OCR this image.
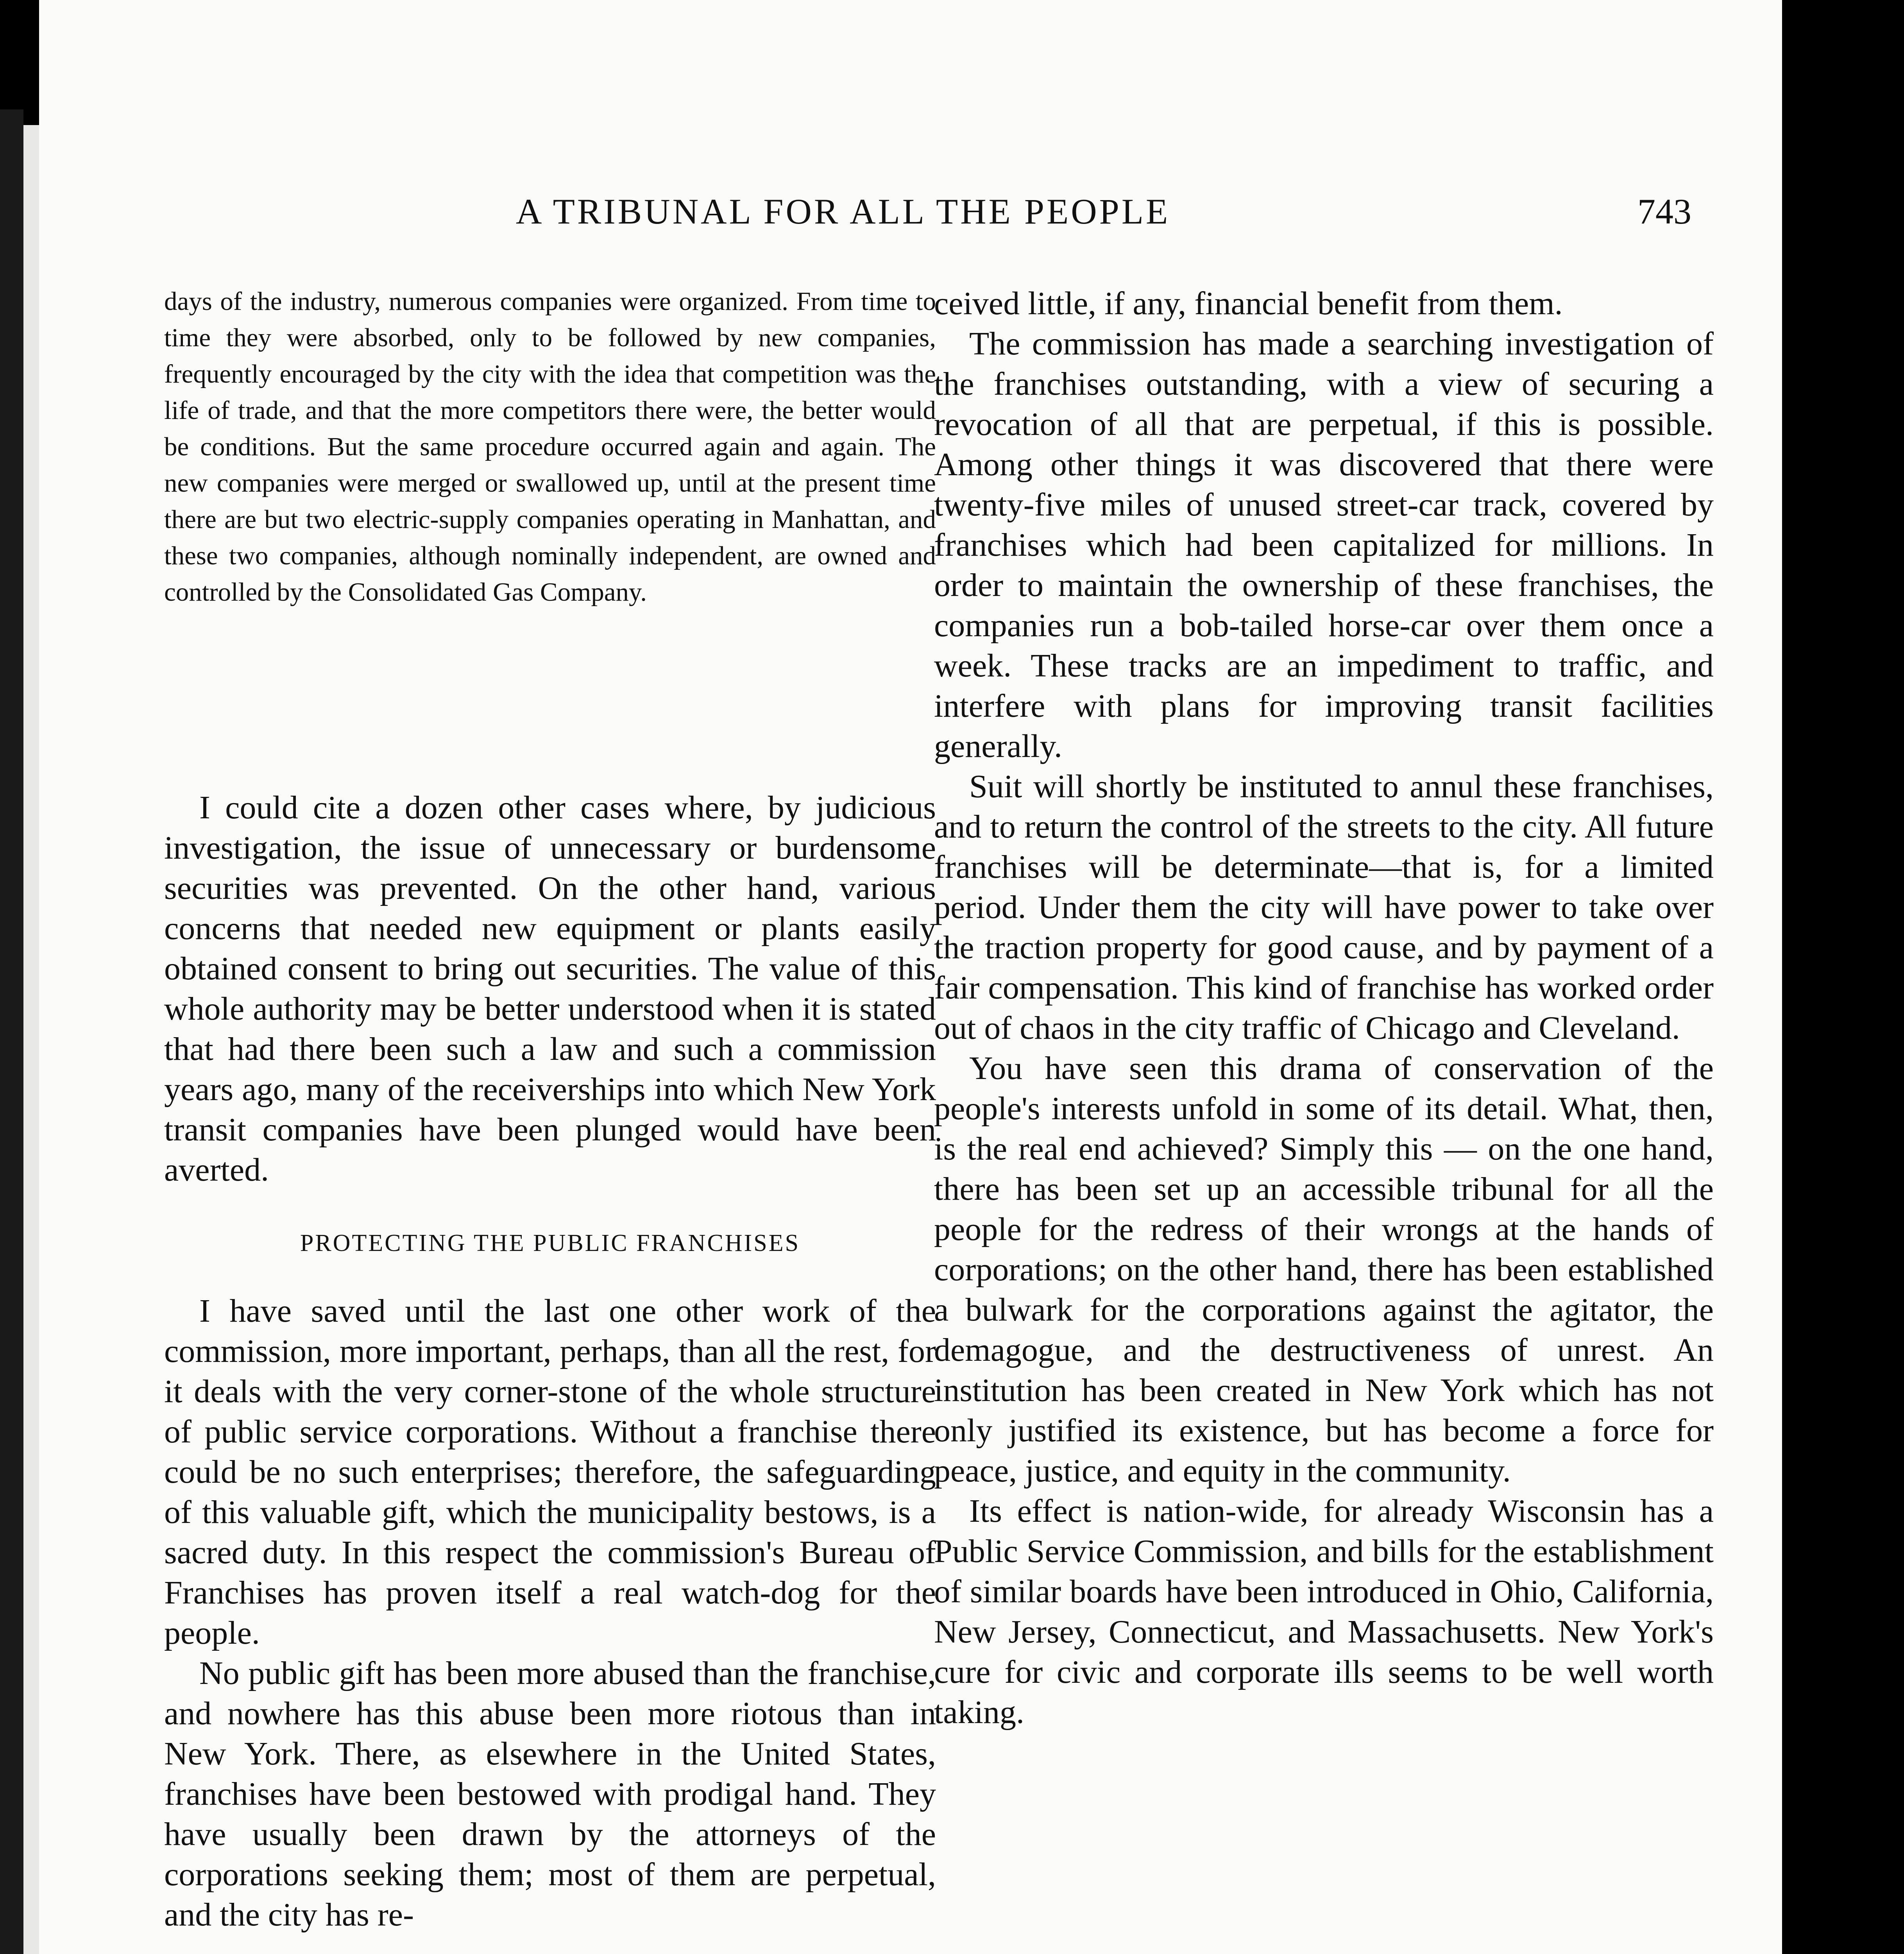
A TRIBUNAL FOR ALL THE PEOPLE	743

days of the industry, numerous companies were organized. From time to time they were absorbed, only to be followed by new companies, frequently encouraged by the city with the idea that competition was the life of trade, and that the more competitors there were, the better would be conditions. But the same procedure occurred again and again. The new companies were merged or swallowed up, until at the present time there are but two electric-supply companies operating in Manhattan, and these two companies, although nominally independent, are owned and controlled by the Consolidated Gas Company.

I could cite a dozen other cases where, by judicious investigation, the issue of unnecessary or burdensome securities was prevented. On the other hand, various concerns that needed new equipment or plants easily obtained consent to bring out securities. The value of this whole authority may be better understood when it is stated that had there been such a law and such a commission years ago, many of the receiverships into which New York transit companies have been plunged would have been averted.

PROTECTING THE PUBLIC FRANCHISES

I have saved until the last one other work of the commission, more important, perhaps, than all the rest, for it deals with the very corner-stone of the whole structure of public service corporations. Without a franchise there could be no such enterprises; therefore, the safeguarding of this valuable gift, which the municipality bestows, is a sacred duty. In this respect the commission's Bureau of Franchises has proven itself a real watch-dog for the people.

No public gift has been more abused than the franchise, and nowhere has this abuse been more riotous than in New York. There, as elsewhere in the United States, franchises have been bestowed with prodigal hand. They have usually been drawn by the attorneys of the corporations seeking them; most of them are perpetual, and the city has re-

ceived little, if any, financial benefit from them.

The commission has made a searching investigation of the franchises outstanding, with a view of securing a revocation of all that are perpetual, if this is possible. Among other things it was discovered that there were twenty-five miles of unused street-car track, covered by franchises which had been capitalized for millions. In order to maintain the ownership of these franchises, the companies run a bob-tailed horse-car over them once a week. These tracks are an impediment to traffic, and interfere with plans for improving transit facilities generally.

Suit will shortly be instituted to annul these franchises, and to return the control of the streets to the city. All future franchises will be determinate—that is, for a limited period. Under them the city will have power to take over the traction property for good cause, and by payment of a fair compensation. This kind of franchise has worked order out of chaos in the city traffic of Chicago and Cleveland.

You have seen this drama of conservation of the people's interests unfold in some of its detail. What, then, is the real end achieved? Simply this — on the one hand, there has been set up an accessible tribunal for all the people for the redress of their wrongs at the hands of corporations; on the other hand, there has been established a bulwark for the corporations against the agitator, the demagogue, and the destructiveness of unrest. An institution has been created in New York which has not only justified its existence, but has become a force for peace, justice, and equity in the community.

Its effect is nation-wide, for already Wisconsin has a Public Service Commission, and bills for the establishment of similar boards have been introduced in Ohio, California, New Jersey, Connecticut, and Massachusetts. New York's cure for civic and corporate ills seems to be well worth taking.
